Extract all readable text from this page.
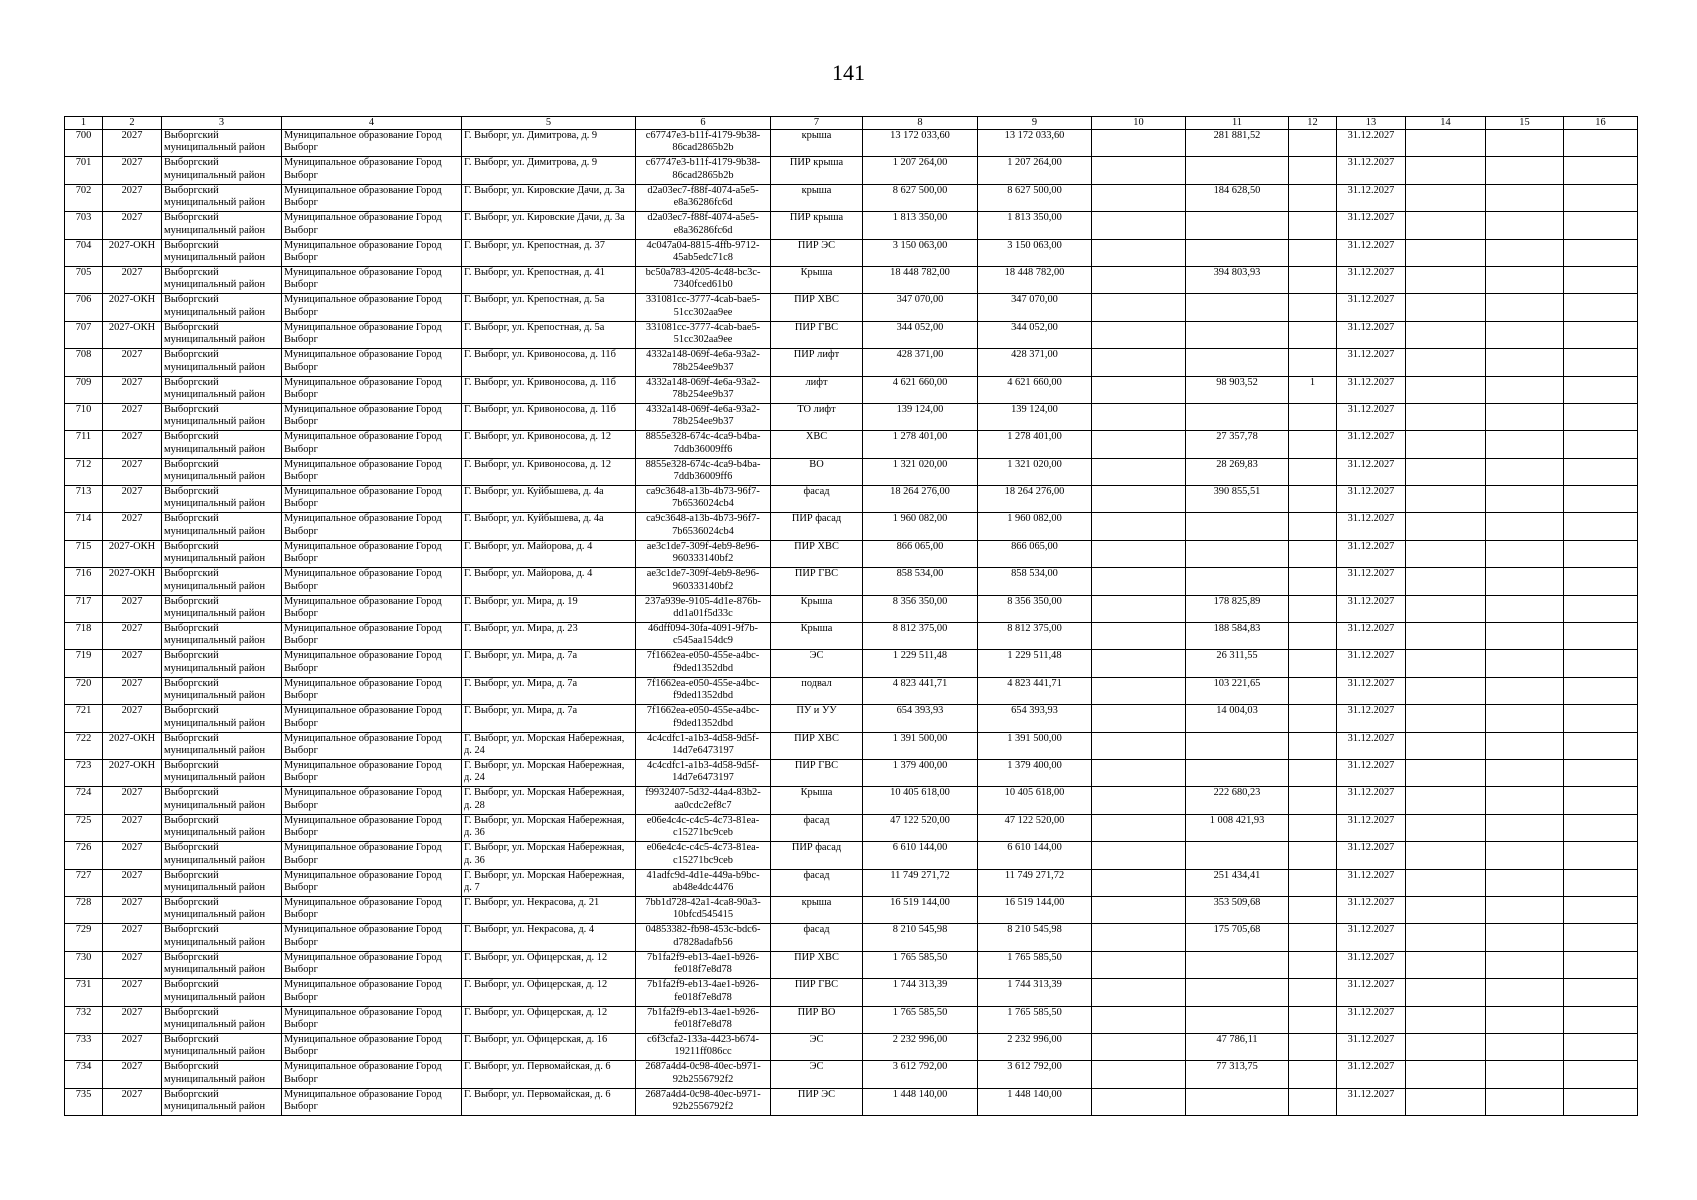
141
1	2	3	4	5	6	7	8	9	10	11	12	13	14	15	16
700	2027	Выборгский муниципальный район	Муниципальное образование Город Выборг	Г. Выборг, ул. Димитрова, д. 9	c67747e3-b11f-4179-9b38-86cad2865b2b	крыша	13 172 033,60	13 172 033,60		281 881,52		31.12.2027			
701	2027	Выборгский муниципальный район	Муниципальное образование Город Выборг	Г. Выборг, ул. Димитрова, д. 9	c67747e3-b11f-4179-9b38-86cad2865b2b	ПИР крыша	1 207 264,00	1 207 264,00				31.12.2027			
702	2027	Выборгский муниципальный район	Муниципальное образование Город Выборг	Г. Выборг, ул. Кировские Дачи, д. 3а	d2a03ec7-f88f-4074-a5e5-e8a36286fc6d	крыша	8 627 500,00	8 627 500,00		184 628,50		31.12.2027			
703	2027	Выборгский муниципальный район	Муниципальное образование Город Выборг	Г. Выборг, ул. Кировские Дачи, д. 3а	d2a03ec7-f88f-4074-a5e5-e8a36286fc6d	ПИР крыша	1 813 350,00	1 813 350,00				31.12.2027			
704	2027-ОКН	Выборгский муниципальный район	Муниципальное образование Город Выборг	Г. Выборг, ул. Крепостная, д. 37	4c047a04-8815-4ffb-9712-45ab5edc71c8	ПИР ЭС	3 150 063,00	3 150 063,00				31.12.2027			
705	2027	Выборгский муниципальный район	Муниципальное образование Город Выборг	Г. Выборг, ул. Крепостная, д. 41	bc50a783-4205-4c48-bc3c-7340fced61b0	Крыша	18 448 782,00	18 448 782,00		394 803,93		31.12.2027			
706	2027-ОКН	Выборгский муниципальный район	Муниципальное образование Город Выборг	Г. Выборг, ул. Крепостная, д. 5а	331081cc-3777-4cab-bae5-51cc302aa9ee	ПИР ХВС	347 070,00	347 070,00				31.12.2027			
707	2027-ОКН	Выборгский муниципальный район	Муниципальное образование Город Выборг	Г. Выборг, ул. Крепостная, д. 5а	331081cc-3777-4cab-bae5-51cc302aa9ee	ПИР ГВС	344 052,00	344 052,00				31.12.2027			
708	2027	Выборгский муниципальный район	Муниципальное образование Город Выборг	Г. Выборг, ул. Кривоносова, д. 11б	4332a148-069f-4e6a-93a2-78b254ee9b37	ПИР лифт	428 371,00	428 371,00				31.12.2027			
709	2027	Выборгский муниципальный район	Муниципальное образование Город Выборг	Г. Выборг, ул. Кривоносова, д. 11б	4332a148-069f-4e6a-93a2-78b254ee9b37	лифт	4 621 660,00	4 621 660,00		98 903,52	1	31.12.2027			
710	2027	Выборгский муниципальный район	Муниципальное образование Город Выборг	Г. Выборг, ул. Кривоносова, д. 11б	4332a148-069f-4e6a-93a2-78b254ee9b37	ТО лифт	139 124,00	139 124,00				31.12.2027			
711	2027	Выборгский муниципальный район	Муниципальное образование Город Выборг	Г. Выборг, ул. Кривоносова, д. 12	8855e328-674c-4ca9-b4ba-7ddb36009ff6	ХВС	1 278 401,00	1 278 401,00		27 357,78		31.12.2027			
712	2027	Выборгский муниципальный район	Муниципальное образование Город Выборг	Г. Выборг, ул. Кривоносова, д. 12	8855e328-674c-4ca9-b4ba-7ddb36009ff6	ВО	1 321 020,00	1 321 020,00		28 269,83		31.12.2027			
713	2027	Выборгский муниципальный район	Муниципальное образование Город Выборг	Г. Выборг, ул. Куйбышева, д. 4а	ca9c3648-a13b-4b73-96f7-7b6536024cb4	фасад	18 264 276,00	18 264 276,00		390 855,51		31.12.2027			
714	2027	Выборгский муниципальный район	Муниципальное образование Город Выборг	Г. Выборг, ул. Куйбышева, д. 4а	ca9c3648-a13b-4b73-96f7-7b6536024cb4	ПИР фасад	1 960 082,00	1 960 082,00				31.12.2027			
715	2027-ОКН	Выборгский муниципальный район	Муниципальное образование Город Выборг	Г. Выборг, ул. Майорова, д. 4	ae3c1de7-309f-4eb9-8e96-960333140bf2	ПИР ХВС	866 065,00	866 065,00				31.12.2027			
716	2027-ОКН	Выборгский муниципальный район	Муниципальное образование Город Выборг	Г. Выборг, ул. Майорова, д. 4	ae3c1de7-309f-4eb9-8e96-960333140bf2	ПИР ГВС	858 534,00	858 534,00				31.12.2027			
717	2027	Выборгский муниципальный район	Муниципальное образование Город Выборг	Г. Выборг, ул. Мира, д. 19	237a939e-9105-4d1e-876b-dd1a01f5d33c	Крыша	8 356 350,00	8 356 350,00		178 825,89		31.12.2027			
718	2027	Выборгский муниципальный район	Муниципальное образование Город Выборг	Г. Выборг, ул. Мира, д. 23	46dff094-30fa-4091-9f7b-c545aa154dc9	Крыша	8 812 375,00	8 812 375,00		188 584,83		31.12.2027			
719	2027	Выборгский муниципальный район	Муниципальное образование Город Выборг	Г. Выборг, ул. Мира, д. 7а	7f1662ea-e050-455e-a4bc-f9ded1352dbd	ЭС	1 229 511,48	1 229 511,48		26 311,55		31.12.2027			
720	2027	Выборгский муниципальный район	Муниципальное образование Город Выборг	Г. Выборг, ул. Мира, д. 7а	7f1662ea-e050-455e-a4bc-f9ded1352dbd	подвал	4 823 441,71	4 823 441,71		103 221,65		31.12.2027			
721	2027	Выборгский муниципальный район	Муниципальное образование Город Выборг	Г. Выборг, ул. Мира, д. 7а	7f1662ea-e050-455e-a4bc-f9ded1352dbd	ПУ и УУ	654 393,93	654 393,93		14 004,03		31.12.2027			
722	2027-ОКН	Выборгский муниципальный район	Муниципальное образование Город Выборг	Г. Выборг, ул. Морская Набережная, д. 24	4c4cdfc1-a1b3-4d58-9d5f-14d7e6473197	ПИР ХВС	1 391 500,00	1 391 500,00				31.12.2027			
723	2027-ОКН	Выборгский муниципальный район	Муниципальное образование Город Выборг	Г. Выборг, ул. Морская Набережная, д. 24	4c4cdfc1-a1b3-4d58-9d5f-14d7e6473197	ПИР ГВС	1 379 400,00	1 379 400,00				31.12.2027			
724	2027	Выборгский муниципальный район	Муниципальное образование Город Выборг	Г. Выборг, ул. Морская Набережная, д. 28	f9932407-5d32-44a4-83b2-aa0cdc2ef8c7	Крыша	10 405 618,00	10 405 618,00		222 680,23		31.12.2027			
725	2027	Выборгский муниципальный район	Муниципальное образование Город Выборг	Г. Выборг, ул. Морская Набережная, д. 36	e06e4c4c-c4c5-4c73-81ea-c15271bc9ceb	фасад	47 122 520,00	47 122 520,00		1 008 421,93		31.12.2027			
726	2027	Выборгский муниципальный район	Муниципальное образование Город Выборг	Г. Выборг, ул. Морская Набережная, д. 36	e06e4c4c-c4c5-4c73-81ea-c15271bc9ceb	ПИР фасад	6 610 144,00	6 610 144,00				31.12.2027			
727	2027	Выборгский муниципальный район	Муниципальное образование Город Выборг	Г. Выборг, ул. Морская Набережная, д. 7	41adfc9d-4d1e-449a-b9bc-ab48e4dc4476	фасад	11 749 271,72	11 749 271,72		251 434,41		31.12.2027			
728	2027	Выборгский муниципальный район	Муниципальное образование Город Выборг	Г. Выборг, ул. Некрасова, д. 21	7bb1d728-42a1-4ca8-90a3-10bfcd545415	крыша	16 519 144,00	16 519 144,00		353 509,68		31.12.2027			
729	2027	Выборгский муниципальный район	Муниципальное образование Город Выборг	Г. Выборг, ул. Некрасова, д. 4	04853382-fb98-453c-bdc6-d7828adafb56	фасад	8 210 545,98	8 210 545,98		175 705,68		31.12.2027			
730	2027	Выборгский муниципальный район	Муниципальное образование Город Выборг	Г. Выборг, ул. Офицерская, д. 12	7b1fa2f9-eb13-4ae1-b926-fe018f7e8d78	ПИР ХВС	1 765 585,50	1 765 585,50				31.12.2027			
731	2027	Выборгский муниципальный район	Муниципальное образование Город Выборг	Г. Выборг, ул. Офицерская, д. 12	7b1fa2f9-eb13-4ae1-b926-fe018f7e8d78	ПИР ГВС	1 744 313,39	1 744 313,39				31.12.2027			
732	2027	Выборгский муниципальный район	Муниципальное образование Город Выборг	Г. Выборг, ул. Офицерская, д. 12	7b1fa2f9-eb13-4ae1-b926-fe018f7e8d78	ПИР ВО	1 765 585,50	1 765 585,50				31.12.2027			
733	2027	Выборгский муниципальный район	Муниципальное образование Город Выборг	Г. Выборг, ул. Офицерская, д. 16	c6f3cfa2-133a-4423-b674-19211ff086cc	ЭС	2 232 996,00	2 232 996,00		47 786,11		31.12.2027			
734	2027	Выборгский муниципальный район	Муниципальное образование Город Выборг	Г. Выборг, ул. Первомайская, д. 6	2687a4d4-0c98-40ec-b971-92b2556792f2	ЭС	3 612 792,00	3 612 792,00		77 313,75		31.12.2027			
735	2027	Выборгский муниципальный район	Муниципальное образование Город Выборг	Г. Выборг, ул. Первомайская, д. 6	2687a4d4-0c98-40ec-b971-92b2556792f2	ПИР ЭС	1 448 140,00	1 448 140,00				31.12.2027			
